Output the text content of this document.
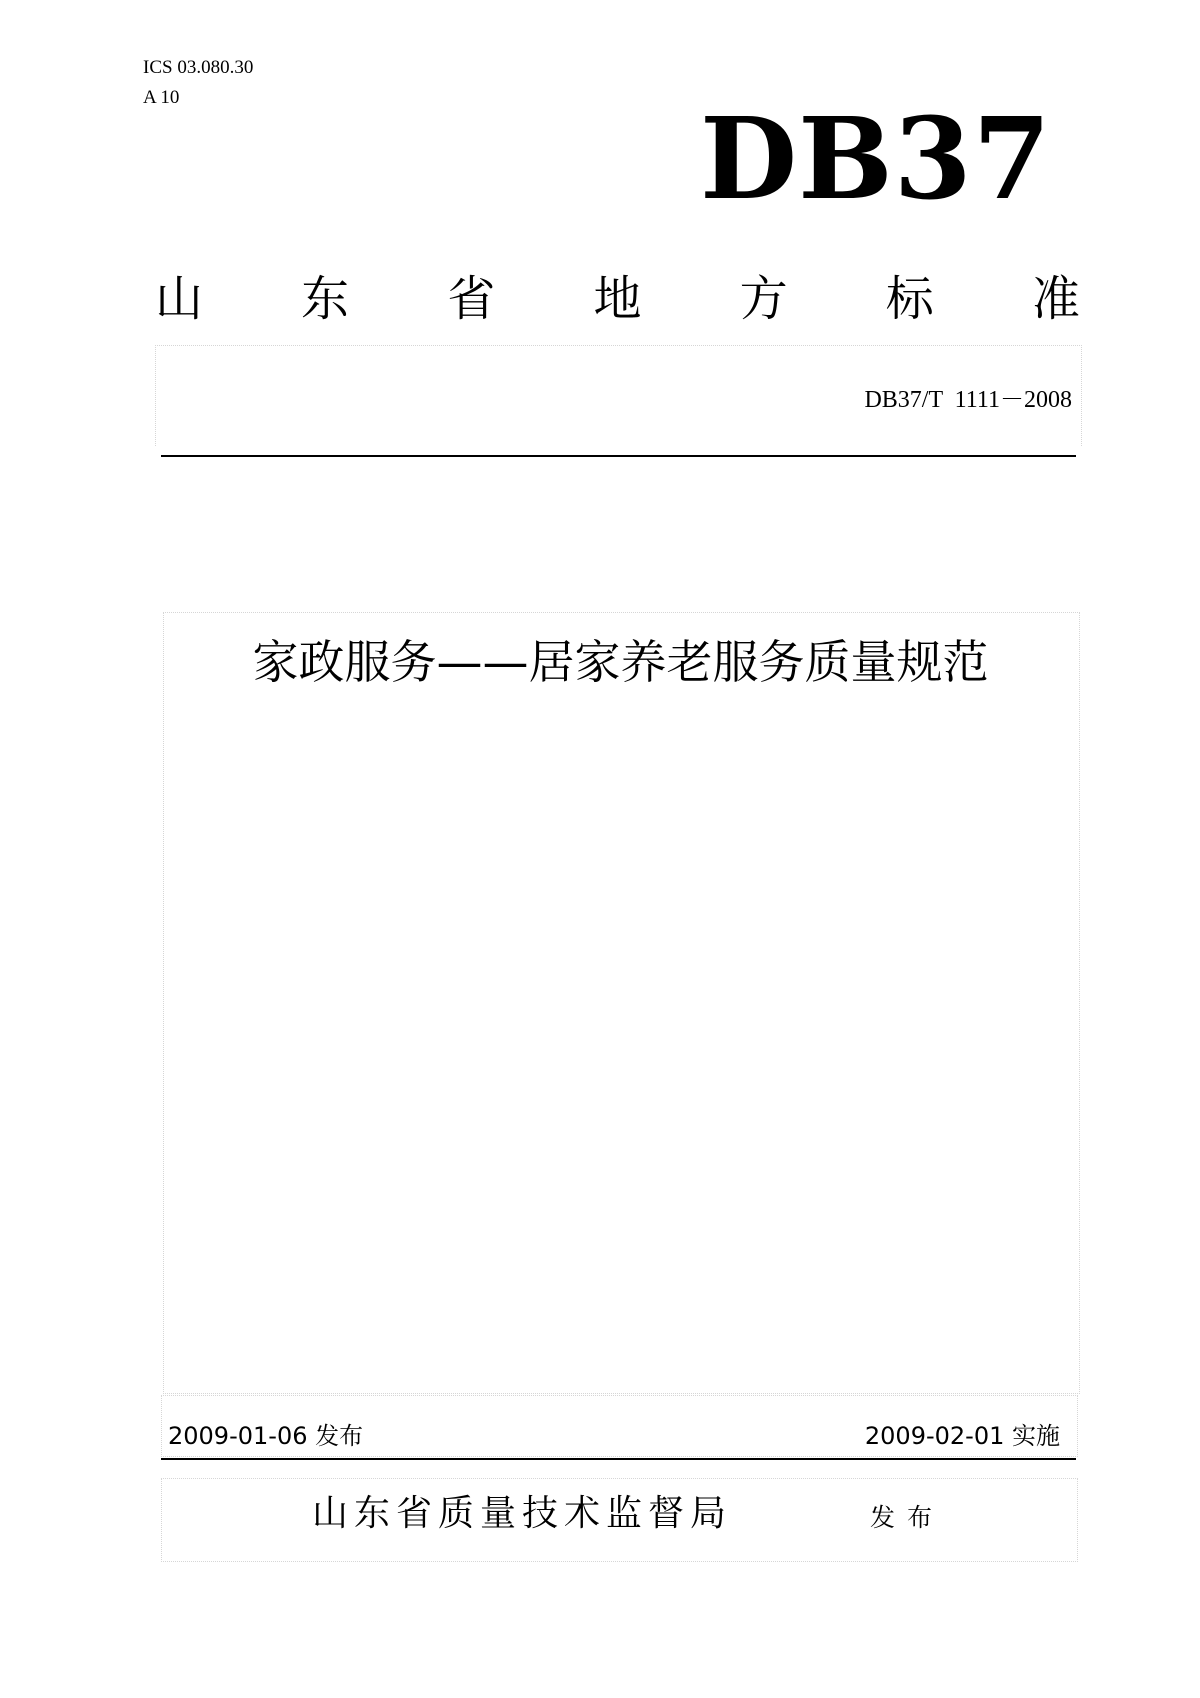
ICS 03.080.30
A 10	DB37
山 东 省 地 方 标 准
DB37/T  1111－2008
家政服务——居家养老服务质量规范
2009-01-06 发布	2009-02-01 实施
山东省质量技术监督局	发布
